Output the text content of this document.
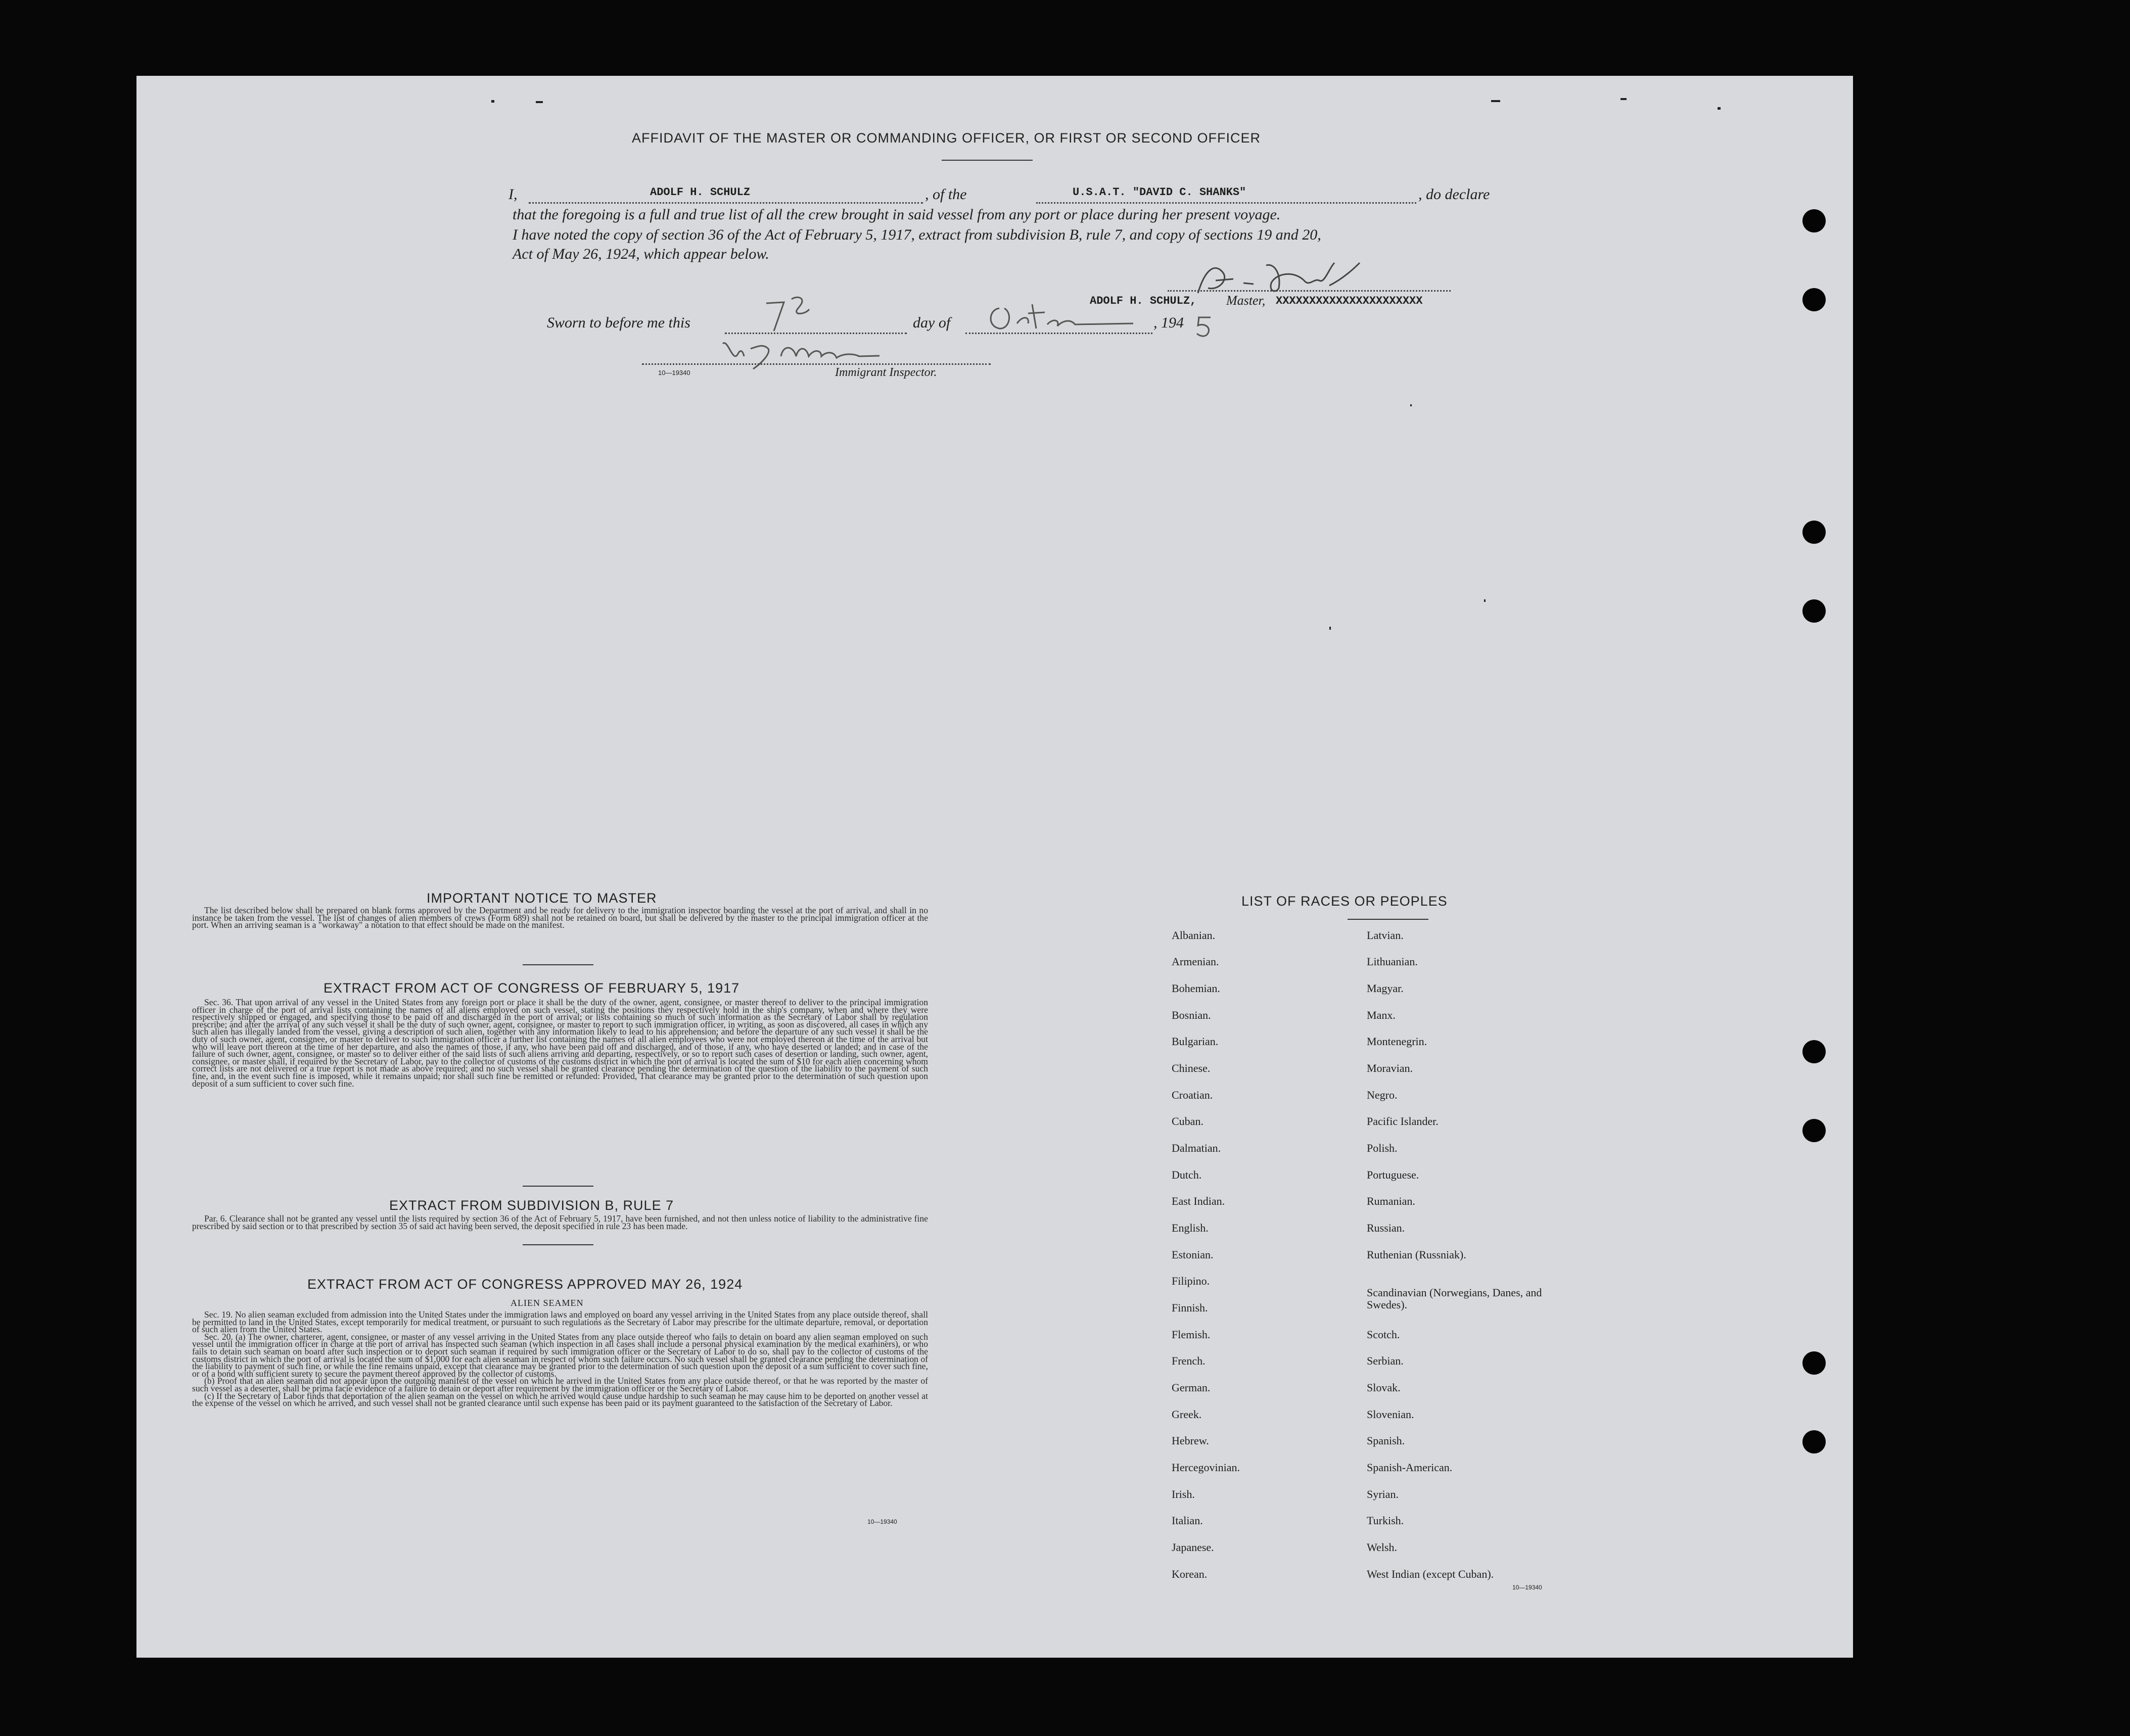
AFFIDAVIT OF THE MASTER OR COMMANDING OFFICER, OR FIRST OR SECOND OFFICER
I,	ADOLF H. SCHULZ	, of the	U.S.A.T. "DAVID C. SHANKS"	, do declare
that the foregoing is a full and true list of all the crew brought in said vessel from any port or place during her present voyage.
I have noted the copy of section 36 of the Act of February 5, 1917, extract from subdivision B, rule 7, and copy of sections 19 and 20,
Act of May 26, 1924, which appear below.
ADOLF H. SCHULZ, Master, XXXXXXXXXXXXXXXXXXXXXX
Sworn to before me this	day of	, 194
10—19340	Immigrant Inspector.
IMPORTANT NOTICE TO MASTER

The list described below shall be prepared on blank forms approved by the Department and be ready for delivery to the immigration inspector boarding the vessel at the port of arrival, and shall in no instance be taken from the vessel. The list of changes of alien members of crews (Form 689) shall not be retained on board, but shall be delivered by the master to the principal immigration officer at the port. When an arriving seaman is a "workaway" a notation to that effect should be made on the manifest.

EXTRACT FROM ACT OF CONGRESS OF FEBRUARY 5, 1917

Sec. 36. That upon arrival of any vessel in the United States from any foreign port or place it shall be the duty of the owner, agent, consignee, or master thereof to deliver to the principal immigration officer in charge of the port of arrival lists containing the names of all aliens employed on such vessel, stating the positions they respectively hold in the ship's company, when and where they were respectively shipped or engaged, and specifying those to be paid off and discharged in the port of arrival; or lists containing so much of such information as the Secretary of Labor shall by regulation prescribe; and after the arrival of any such vessel it shall be the duty of such owner, agent, consignee, or master to report to such immigration officer, in writing, as soon as discovered, all cases in which any such alien has illegally landed from the vessel, giving a description of such alien, together with any information likely to lead to his apprehension; and before the departure of any such vessel it shall be the duty of such owner, agent, consignee, or master to deliver to such immigration officer a further list containing the names of all alien employees who were not employed thereon at the time of the arrival but who will leave port thereon at the time of her departure, and also the names of those, if any, who have been paid off and discharged, and of those, if any, who have deserted or landed; and in case of the failure of such owner, agent, consignee, or master so to deliver either of the said lists of such aliens arriving and departing, respectively, or so to report such cases of desertion or landing, such owner, agent, consignee, or master shall, if required by the Secretary of Labor, pay to the collector of customs of the customs district in which the port of arrival is located the sum of $10 for each alien concerning whom correct lists are not delivered or a true report is not made as above required; and no such vessel shall be granted clearance pending the determination of the question of the liability to the payment of such fine, and, in the event such fine is imposed, while it remains unpaid; nor shall such fine be remitted or refunded: Provided, That clearance may be granted prior to the determination of such question upon deposit of a sum sufficient to cover such fine.

EXTRACT FROM SUBDIVISION B, RULE 7

Par. 6. Clearance shall not be granted any vessel until the lists required by section 36 of the Act of February 5, 1917, have been furnished, and not then unless notice of liability to the administrative fine prescribed by said section or to that prescribed by section 35 of said act having been served, the deposit specified in rule 23 has been made.

EXTRACT FROM ACT OF CONGRESS APPROVED MAY 26, 1924
ALIEN SEAMEN

Sec. 19. No alien seaman excluded from admission into the United States under the immigration laws and employed on board any vessel arriving in the United States from any place outside thereof, shall be permitted to land in the United States, except temporarily for medical treatment, or pursuant to such regulations as the Secretary of Labor may prescribe for the ultimate departure, removal, or deportation of such alien from the United States.

Sec. 20. (a) The owner, charterer, agent, consignee, or master of any vessel arriving in the United States from any place outside thereof who fails to detain on board any alien seaman employed on such vessel until the immigration officer in charge at the port of arrival has inspected such seaman (which inspection in all cases shall include a personal physical examination by the medical examiners), or who fails to detain such seaman on board after such inspection or to deport such seaman if required by such immigration officer or the Secretary of Labor to do so, shall pay to the collector of customs of the customs district in which the port of arrival is located the sum of $1,000 for each alien seaman in respect of whom such failure occurs. No such vessel shall be granted clearance pending the determination of the liability to payment of such fine, or while the fine remains unpaid, except that clearance may be granted prior to the determination of such question upon the deposit of a sum sufficient to cover such fine, or of a bond with sufficient surety to secure the payment thereof approved by the collector of customs.

(b) Proof that an alien seaman did not appear upon the outgoing manifest of the vessel on which he arrived in the United States from any place outside thereof, or that he was reported by the master of such vessel as a deserter, shall be prima facie evidence of a failure to detain or deport after requirement by the immigration officer or the Secretary of Labor.

(c) If the Secretary of Labor finds that deportation of the alien seaman on the vessel on which he arrived would cause undue hardship to such seaman he may cause him to be deported on another vessel at the expense of the vessel on which he arrived, and such vessel shall not be granted clearance until such expense has been paid or its payment guaranteed to the satisfaction of the Secretary of Labor.

10—19340
LIST OF RACES OR PEOPLES
Albanian.
Armenian.
Bohemian.
Bosnian.
Bulgarian.
Chinese.
Croatian.
Cuban.
Dalmatian.
Dutch.
East Indian.
English.
Estonian.
Filipino.
Finnish.
Flemish.
French.
German.
Greek.
Hebrew.
Hercegovinian.
Irish.
Italian.
Japanese.
Korean.
Latvian.
Lithuanian.
Magyar.
Manx.
Montenegrin.
Moravian.
Negro.
Pacific Islander.
Polish.
Portuguese.
Rumanian.
Russian.
Ruthenian (Russniak).
Scandinavian (Norwegians, Danes, and Swedes).
Scotch.
Serbian.
Slovak.
Slovenian.
Spanish.
Spanish-American.
Syrian.
Turkish.
Welsh.
West Indian (except Cuban).
10—19340
